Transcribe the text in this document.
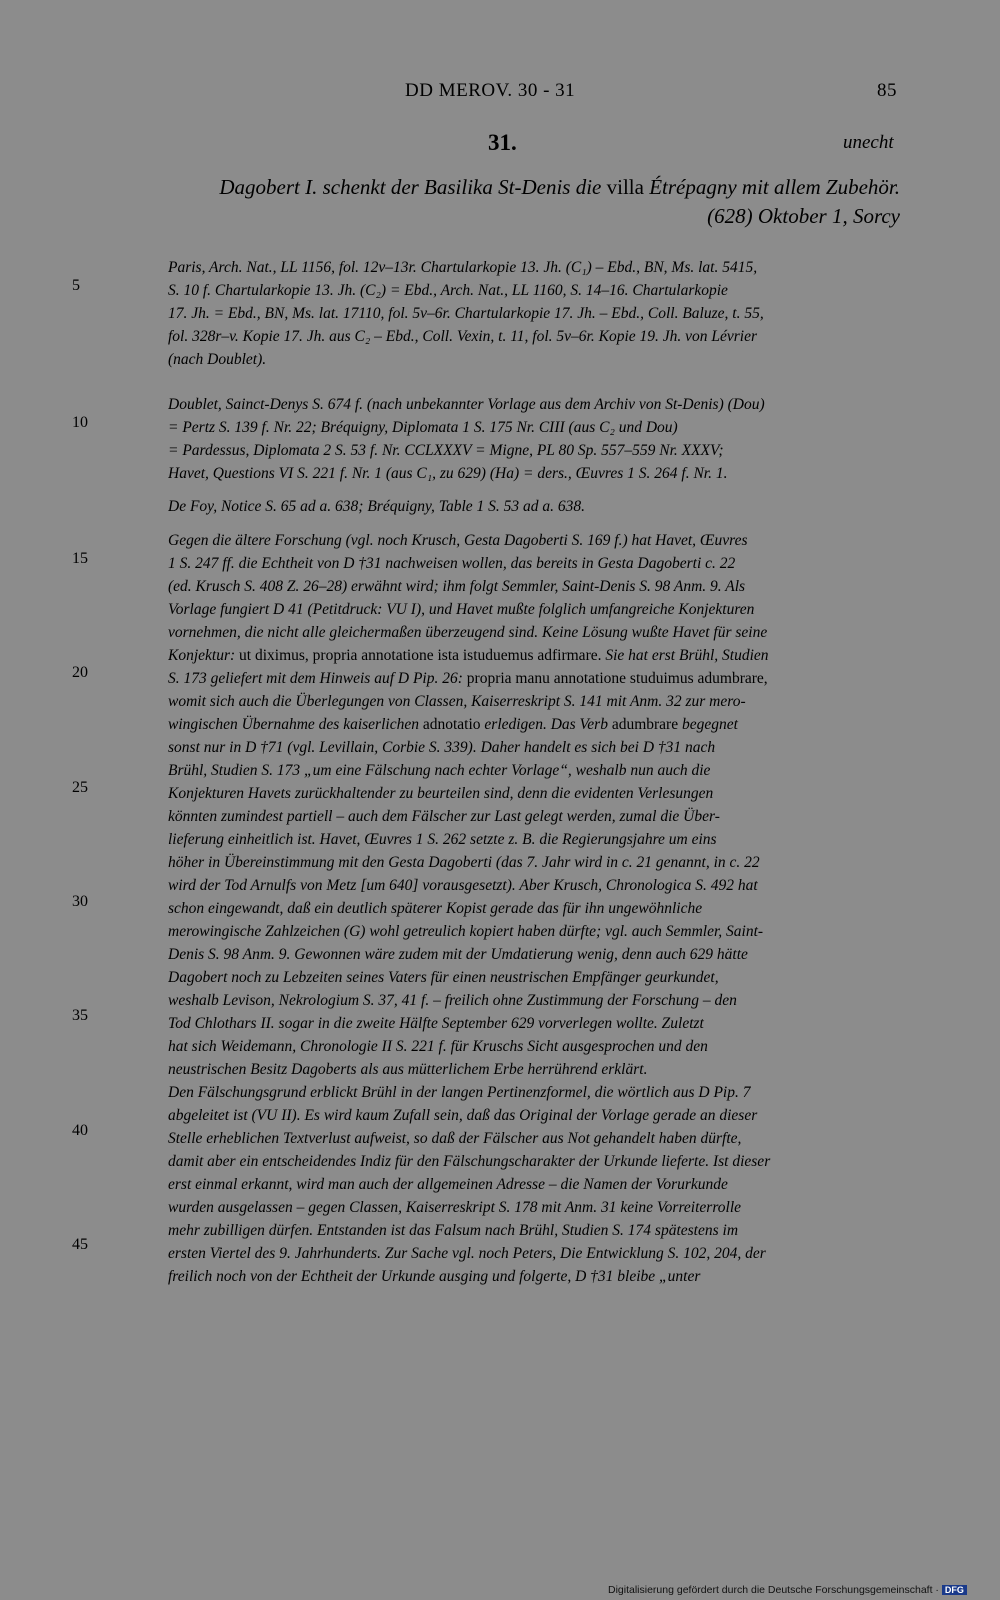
DD MEROV. 30 - 31	85
31.	unecht
Dagobert I. schenkt der Basilika St-Denis die villa Étrépagny mit allem Zubehör.
(628) Oktober 1, Sorcy
5
10
15
20
25
30
35
40
45
Paris, Arch. Nat., LL 1156, fol. 12v–13r. Chartularkopie 13. Jh. (C₁) – Ebd., BN, Ms. lat. 5415,
S. 10 f. Chartularkopie 13. Jh. (C₂) = Ebd., Arch. Nat., LL 1160, S. 14–16. Chartularkopie
17. Jh. = Ebd., BN, Ms. lat. 17110, fol. 5v–6r. Chartularkopie 17. Jh. – Ebd., Coll. Baluze, t. 55,
fol. 328r–v. Kopie 17. Jh. aus C₂ – Ebd., Coll. Vexin, t. 11, fol. 5v–6r. Kopie 19. Jh. von Lévrier
(nach Doublet).
Doublet, Sainct-Denys S. 674 f. (nach unbekannter Vorlage aus dem Archiv von St-Denis) (Dou)
= Pertz S. 139 f. Nr. 22; Bréquigny, Diplomata 1 S. 175 Nr. CIII (aus C₂ und Dou)
= Pardessus, Diplomata 2 S. 53 f. Nr. CCLXXXV = Migne, PL 80 Sp. 557–559 Nr. XXXV;
Havet, Questions VI S. 221 f. Nr. 1 (aus C₁, zu 629) (Ha) = ders., Œuvres 1 S. 264 f. Nr. 1.
De Foy, Notice S. 65 ad a. 638; Bréquigny, Table 1 S. 53 ad a. 638.
Gegen die ältere Forschung (vgl. noch Krusch, Gesta Dagoberti S. 169 f.) hat Havet, Œuvres
1 S. 247 ff. die Echtheit von D †31 nachweisen wollen, das bereits in Gesta Dagoberti c. 22
(ed. Krusch S. 408 Z. 26–28) erwähnt wird; ihm folgt Semmler, Saint-Denis S. 98 Anm. 9. Als
Vorlage fungiert D 41 (Petitdruck: VU I), und Havet mußte folglich umfangreiche Konjekturen
vornehmen, die nicht alle gleichermaßen überzeugend sind. Keine Lösung wußte Havet für seine
Konjektur: ut diximus, propria annotatione ista istuduemus adfirmare. Sie hat erst Brühl, Studien
S. 173 geliefert mit dem Hinweis auf D Pip. 26: propria manu annotatione studuimus adumbrare,
womit sich auch die Überlegungen von Classen, Kaiserreskript S. 141 mit Anm. 32 zur mero-
wingischen Übernahme des kaiserlichen adnotatio erledigen. Das Verb adumbrare begegnet
sonst nur in D †71 (vgl. Levillain, Corbie S. 339). Daher handelt es sich bei D †31 nach
Brühl, Studien S. 173 „um eine Fälschung nach echter Vorlage“, weshalb nun auch die
Konjekturen Havets zurückhaltender zu beurteilen sind, denn die evidenten Verlesungen
könnten zumindest partiell – auch dem Fälscher zur Last gelegt werden, zumal die Über-
lieferung einheitlich ist. Havet, Œuvres 1 S. 262 setzte z. B. die Regierungsjahre um eins
höher in Übereinstimmung mit den Gesta Dagoberti (das 7. Jahr wird in c. 21 genannt, in c. 22
wird der Tod Arnulfs von Metz [um 640] vorausgesetzt). Aber Krusch, Chronologica S. 492 hat
schon eingewandt, daß ein deutlich späterer Kopist gerade das für ihn ungewöhnliche
merowingische Zahlzeichen (G) wohl getreulich kopiert haben dürfte; vgl. auch Semmler, Saint-
Denis S. 98 Anm. 9. Gewonnen wäre zudem mit der Umdatierung wenig, denn auch 629 hätte
Dagobert noch zu Lebzeiten seines Vaters für einen neustrischen Empfänger geurkundet,
weshalb Levison, Nekrologium S. 37, 41 f. – freilich ohne Zustimmung der Forschung – den
Tod Chlothars II. sogar in die zweite Hälfte September 629 vorverlegen wollte. Zuletzt
hat sich Weidemann, Chronologie II S. 221 f. für Kruschs Sicht ausgesprochen und den
neustrischen Besitz Dagoberts als aus mütterlichem Erbe herrührend erklärt.
Den Fälschungsgrund erblickt Brühl in der langen Pertinenzformel, die wörtlich aus D Pip. 7
abgeleitet ist (VU II). Es wird kaum Zufall sein, daß das Original der Vorlage gerade an dieser
Stelle erheblichen Textverlust aufweist, so daß der Fälscher aus Not gehandelt haben dürfte,
damit aber ein entscheidendes Indiz für den Fälschungscharakter der Urkunde lieferte. Ist dieser
erst einmal erkannt, wird man auch der allgemeinen Adresse – die Namen der Vorurkunde
wurden ausgelassen – gegen Classen, Kaiserreskript S. 178 mit Anm. 31 keine Vorreiterrolle
mehr zubilligen dürfen. Entstanden ist das Falsum nach Brühl, Studien S. 174 spätestens im
ersten Viertel des 9. Jahrhunderts. Zur Sache vgl. noch Peters, Die Entwicklung S. 102, 204, der
freilich noch von der Echtheit der Urkunde ausging und folgerte, D †31 bleibe „unter
Digitalisierung gefördert durch die Deutsche Forschungsgemeinschaft · DFG
